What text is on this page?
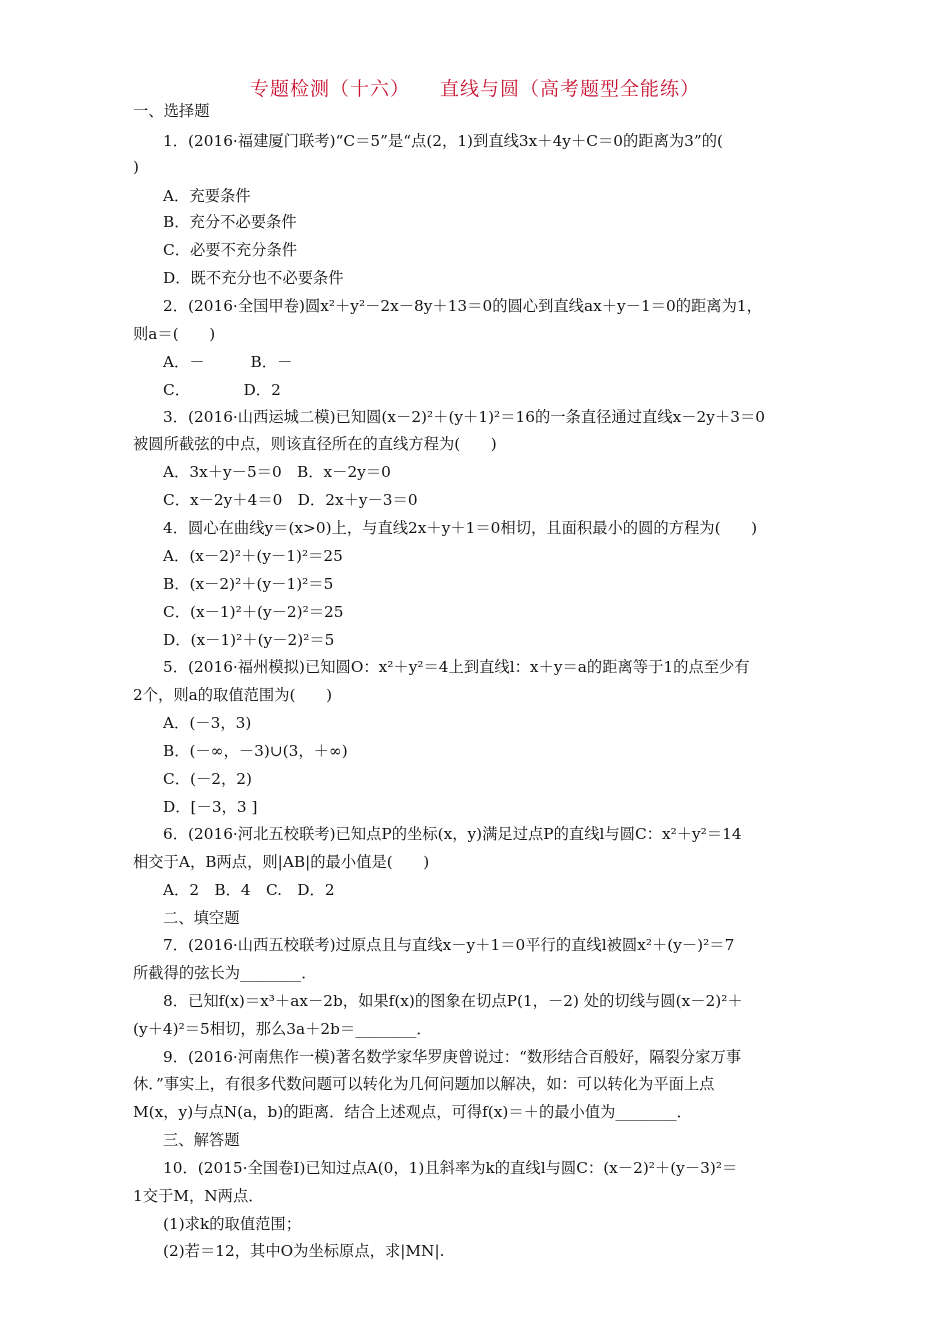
专题检测（十六） 直线与圆（高考题型全能练）
一、选择题
1．(2016·福建厦门联考)“C＝5”是“点(2，1)到直线3x＋4y＋C＝0的距离为3”的(
)
A．充要条件
B．充分不必要条件
C．必要不充分条件
D．既不充分也不必要条件
2．(2016·全国甲卷)圆x²＋y²－2x－8y＋13＝0的圆心到直线ax＋y－1＝0的距离为1，
则a＝(　　)
A．－　　　B．－
C．　　　　D．2
3．(2016·山西运城二模)已知圆(x－2)²＋(y＋1)²＝16的一条直径通过直线x－2y＋3＝0
被圆所截弦的中点，则该直径所在的直线方程为(　　)
A．3x＋y－5＝0　B．x－2y＝0
C．x－2y＋4＝0　D．2x＋y－3＝0
4．圆心在曲线y＝(x>0)上，与直线2x＋y＋1＝0相切，且面积最小的圆的方程为(　　)
A．(x－2)²＋(y－1)²＝25
B．(x－2)²＋(y－1)²＝5
C．(x－1)²＋(y－2)²＝25
D．(x－1)²＋(y－2)²＝5
5．(2016·福州模拟)已知圆O：x²＋y²＝4上到直线l：x＋y＝a的距离等于1的点至少有
2个，则a的取值范围为(　　)
A．(－3，3)
B．(－∞，－3)∪(3，＋∞)
C．(－2，2)
D．[－3，3 ]
6．(2016·河北五校联考)已知点P的坐标(x，y)满足过点P的直线l与圆C：x²＋y²＝14
相交于A，B两点，则|AB|的最小值是(　　)
A．2　B．4　C.　D．2
二、填空题
7．(2016·山西五校联考)过原点且与直线x－y＋1＝0平行的直线l被圆x²＋(y－)²＝7
所截得的弦长为________．
8．已知f(x)＝x³＋ax－2b，如果f(x)的图象在切点P(1，－2) 处的切线与圆(x－2)²＋
(y＋4)²＝5相切，那么3a＋2b＝________．
9．(2016·河南焦作一模)著名数学家华罗庚曾说过：“数形结合百般好，隔裂分家万事
休．”事实上，有很多代数问题可以转化为几何问题加以解决，如：可以转化为平面上点
M(x，y)与点N(a，b)的距离．结合上述观点，可得f(x)＝＋的最小值为________．
三、解答题
10．(2015·全国卷Ⅰ)已知过点A(0，1)且斜率为k的直线l与圆C：(x－2)²＋(y－3)²＝
1交于M，N两点．
(1)求k的取值范围；
(2)若＝12，其中O为坐标原点，求|MN|.
